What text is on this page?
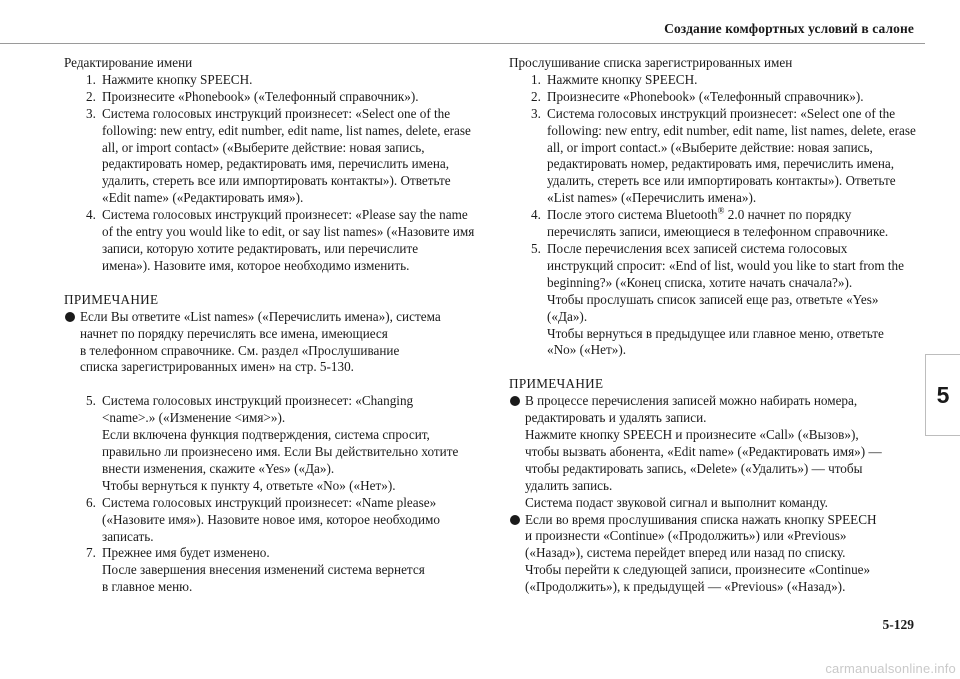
Создание комфортных условий в салоне

Редактирование имени

1. Нажмите кнопку SPEECH.
2. Произнесите «Phonebook» («Телефонный справочник»).
3. Система голосовых инструкций произнесет: «Select one of the
following: new entry, edit number, edit name, list names, delete, erase
all, or import contact» («Выберите действие: новая запись,
редактировать номер, редактировать имя, перечислить имена,
удалить, стереть все или импортировать контакты»). Ответьте
«Edit name» («Редактировать имя»).
4. Система голосовых инструкций произнесет: «Please say the name
of the entry you would like to edit, or say list names» («Назовите имя
записи, которую хотите редактировать, или перечислите
имена»). Назовите имя, которое необходимо изменить.

ПРИМЕЧАНИЕ

Если Вы ответите «List names» («Перечислить имена»), система
начнет по порядку перечислять все имена, имеющиеся
в телефонном справочнике. См. раздел «Прослушивание
списка зарегистрированных имен» на стр. 5-130.
5. Система голосовых инструкций произнесет: «Changing
<name>.» («Изменение <имя>»).
Если включена функция подтверждения, система спросит,
правильно ли произнесено имя. Если Вы действительно хотите
внести изменения, скажите «Yes» («Да»).
Чтобы вернуться к пункту 4, ответьте «No» («Нет»).
6. Система голосовых инструкций произнесет: «Name please»
(«Назовите имя»). Назовите новое имя, которое необходимо
записать.
7. Прежнее имя будет изменено.
После завершения внесения изменений система вернется
в главное меню.

Прослушивание списка зарегистрированных имен

1. Нажмите кнопку SPEECH.
2. Произнесите «Phonebook» («Телефонный справочник»).
3. Система голосовых инструкций произнесет: «Select one of the
following: new entry, edit number, edit name, list names, delete, erase
all, or import contact.» («Выберите действие: новая запись,
редактировать номер, редактировать имя, перечислить имена,
удалить, стереть все или импортировать контакты»). Ответьте
«List names» («Перечислить имена»).
4. После этого система Bluetooth® 2.0 начнет по порядку
перечислять записи, имеющиеся в телефонном справочнике.
5. После перечисления всех записей система голосовых
инструкций спросит: «End of list, would you like to start from the
beginning?» («Конец списка, хотите начать сначала?»).
Чтобы прослушать список записей еще раз, ответьте «Yes»
(«Да»).
Чтобы вернуться в предыдущее или главное меню, ответьте
«No» («Нет»).

ПРИМЕЧАНИЕ

В процессе перечисления записей можно набирать номера,
редактировать и удалять записи.
Нажмите кнопку SPEECH и произнесите «Call» («Вызов»),
чтобы вызвать абонента, «Edit name» («Редактировать имя») —
чтобы редактировать запись, «Delete» («Удалить») — чтобы
удалить запись.
Система подаст звуковой сигнал и выполнит команду.
Если во время прослушивания списка нажать кнопку SPEECH
и произнести «Continue» («Продолжить») или «Previous»
(«Назад»), система перейдет вперед или назад по списку.
Чтобы перейти к следующей записи, произнесите «Continue»
(«Продолжить»), к предыдущей — «Previous» («Назад»).
5
5-129
carmanualsonline.info
